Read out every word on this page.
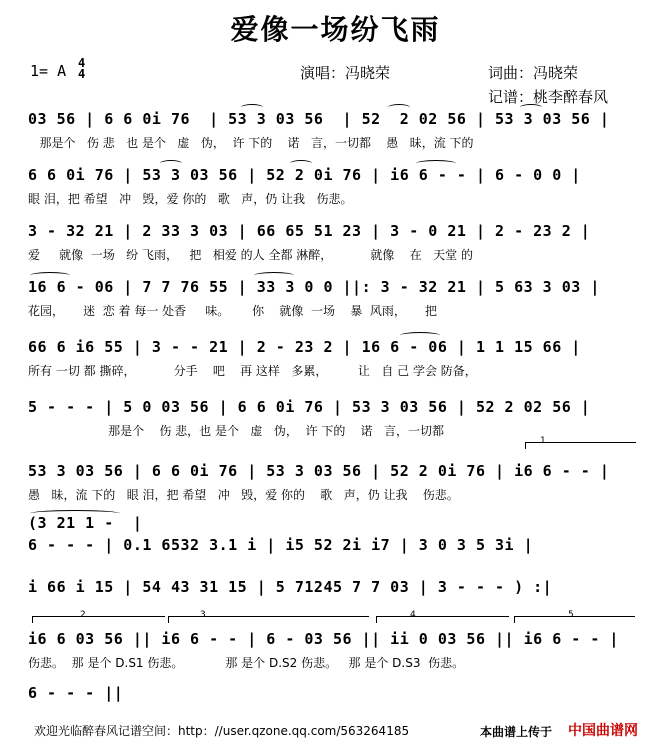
爱像一场纷飞雨
1= A 4
4	演唱：冯晓荣	词曲：冯晓荣
记谱：桃李醉春风
03 56 | 6 6 0i 76  | 53 3 03 56  | 52  2 02 56 | 53 3 03 56 |
那是个   伤 悲   也 是个   虚   伪，  许 下的    诺   言，一切都    愚   昧，流 下的
6 6 0i 76 | 53 3 03 56 | 52 2 0i 76 | i6 6 - - | 6 - 0 0 |
眼 泪，把 希望   冲   毁，爱 你的   歌   声，仍 让我   伤悲。
3 - 32 21 | 2 33 3 03 | 66 65 51 23 | 3 - 0 21 | 2 - 23 2 |
爱     就像  一场   纷 飞雨，   把   相爱 的人 全都 淋醉，          就像    在   天堂 的
16 6 - 06 | 7 7 76 55 | 33 3 0 0 ||: 3 - 32 21 | 5 63 3 03 |
花园，     迷  恋 着 每一 处香     味。      你    就像  一场    暴  风雨，     把
66 6 i6 55 | 3 - - 21 | 2 - 23 2 | 16 6 - 06 | 1 1 15 66 |
所有 一切 都 撕碎，          分手    吧    再 这样   多累，        让   自 己 学会 防备，
5 - - - | 5 0 03 56 | 6 6 0i 76 | 53 3 03 56 | 52 2 02 56 |
那是个    伤 悲，也 是个   虚   伪，  许 下的    诺   言，一切都
53 3 03 56 | 6 6 0i 76 | 53 3 03 56 | 52 2 0i 76 | i6 6 - - |
愚   昧，流 下的   眼 泪，把 希望   冲   毁，爱 你的    歌   声，仍 让我    伤悲。
(3 21 1 -  |
6 - - - | 0.1 6532 3.1 i | i5 52 2i i7 | 3 0 3 5 3i |
i 66 i 15 | 54 43 31 15 | 5 71245 7 7 03 | 3 - - - ) :|
i6 6 03 56 || i6 6 - - | 6 - 03 56 || ii 0 03 56 || i6 6 - - |
伤悲。  那 是个 D.S1 伤悲。           那 是个 D.S2 伤悲。   那 是个 D.S3  伤悲。
6 - - - ||
1
2	3	4	5
欢迎光临醉春风记谱空间：http：//user.qzone.qq.com/563264185	本曲谱上传于 中国曲谱网
